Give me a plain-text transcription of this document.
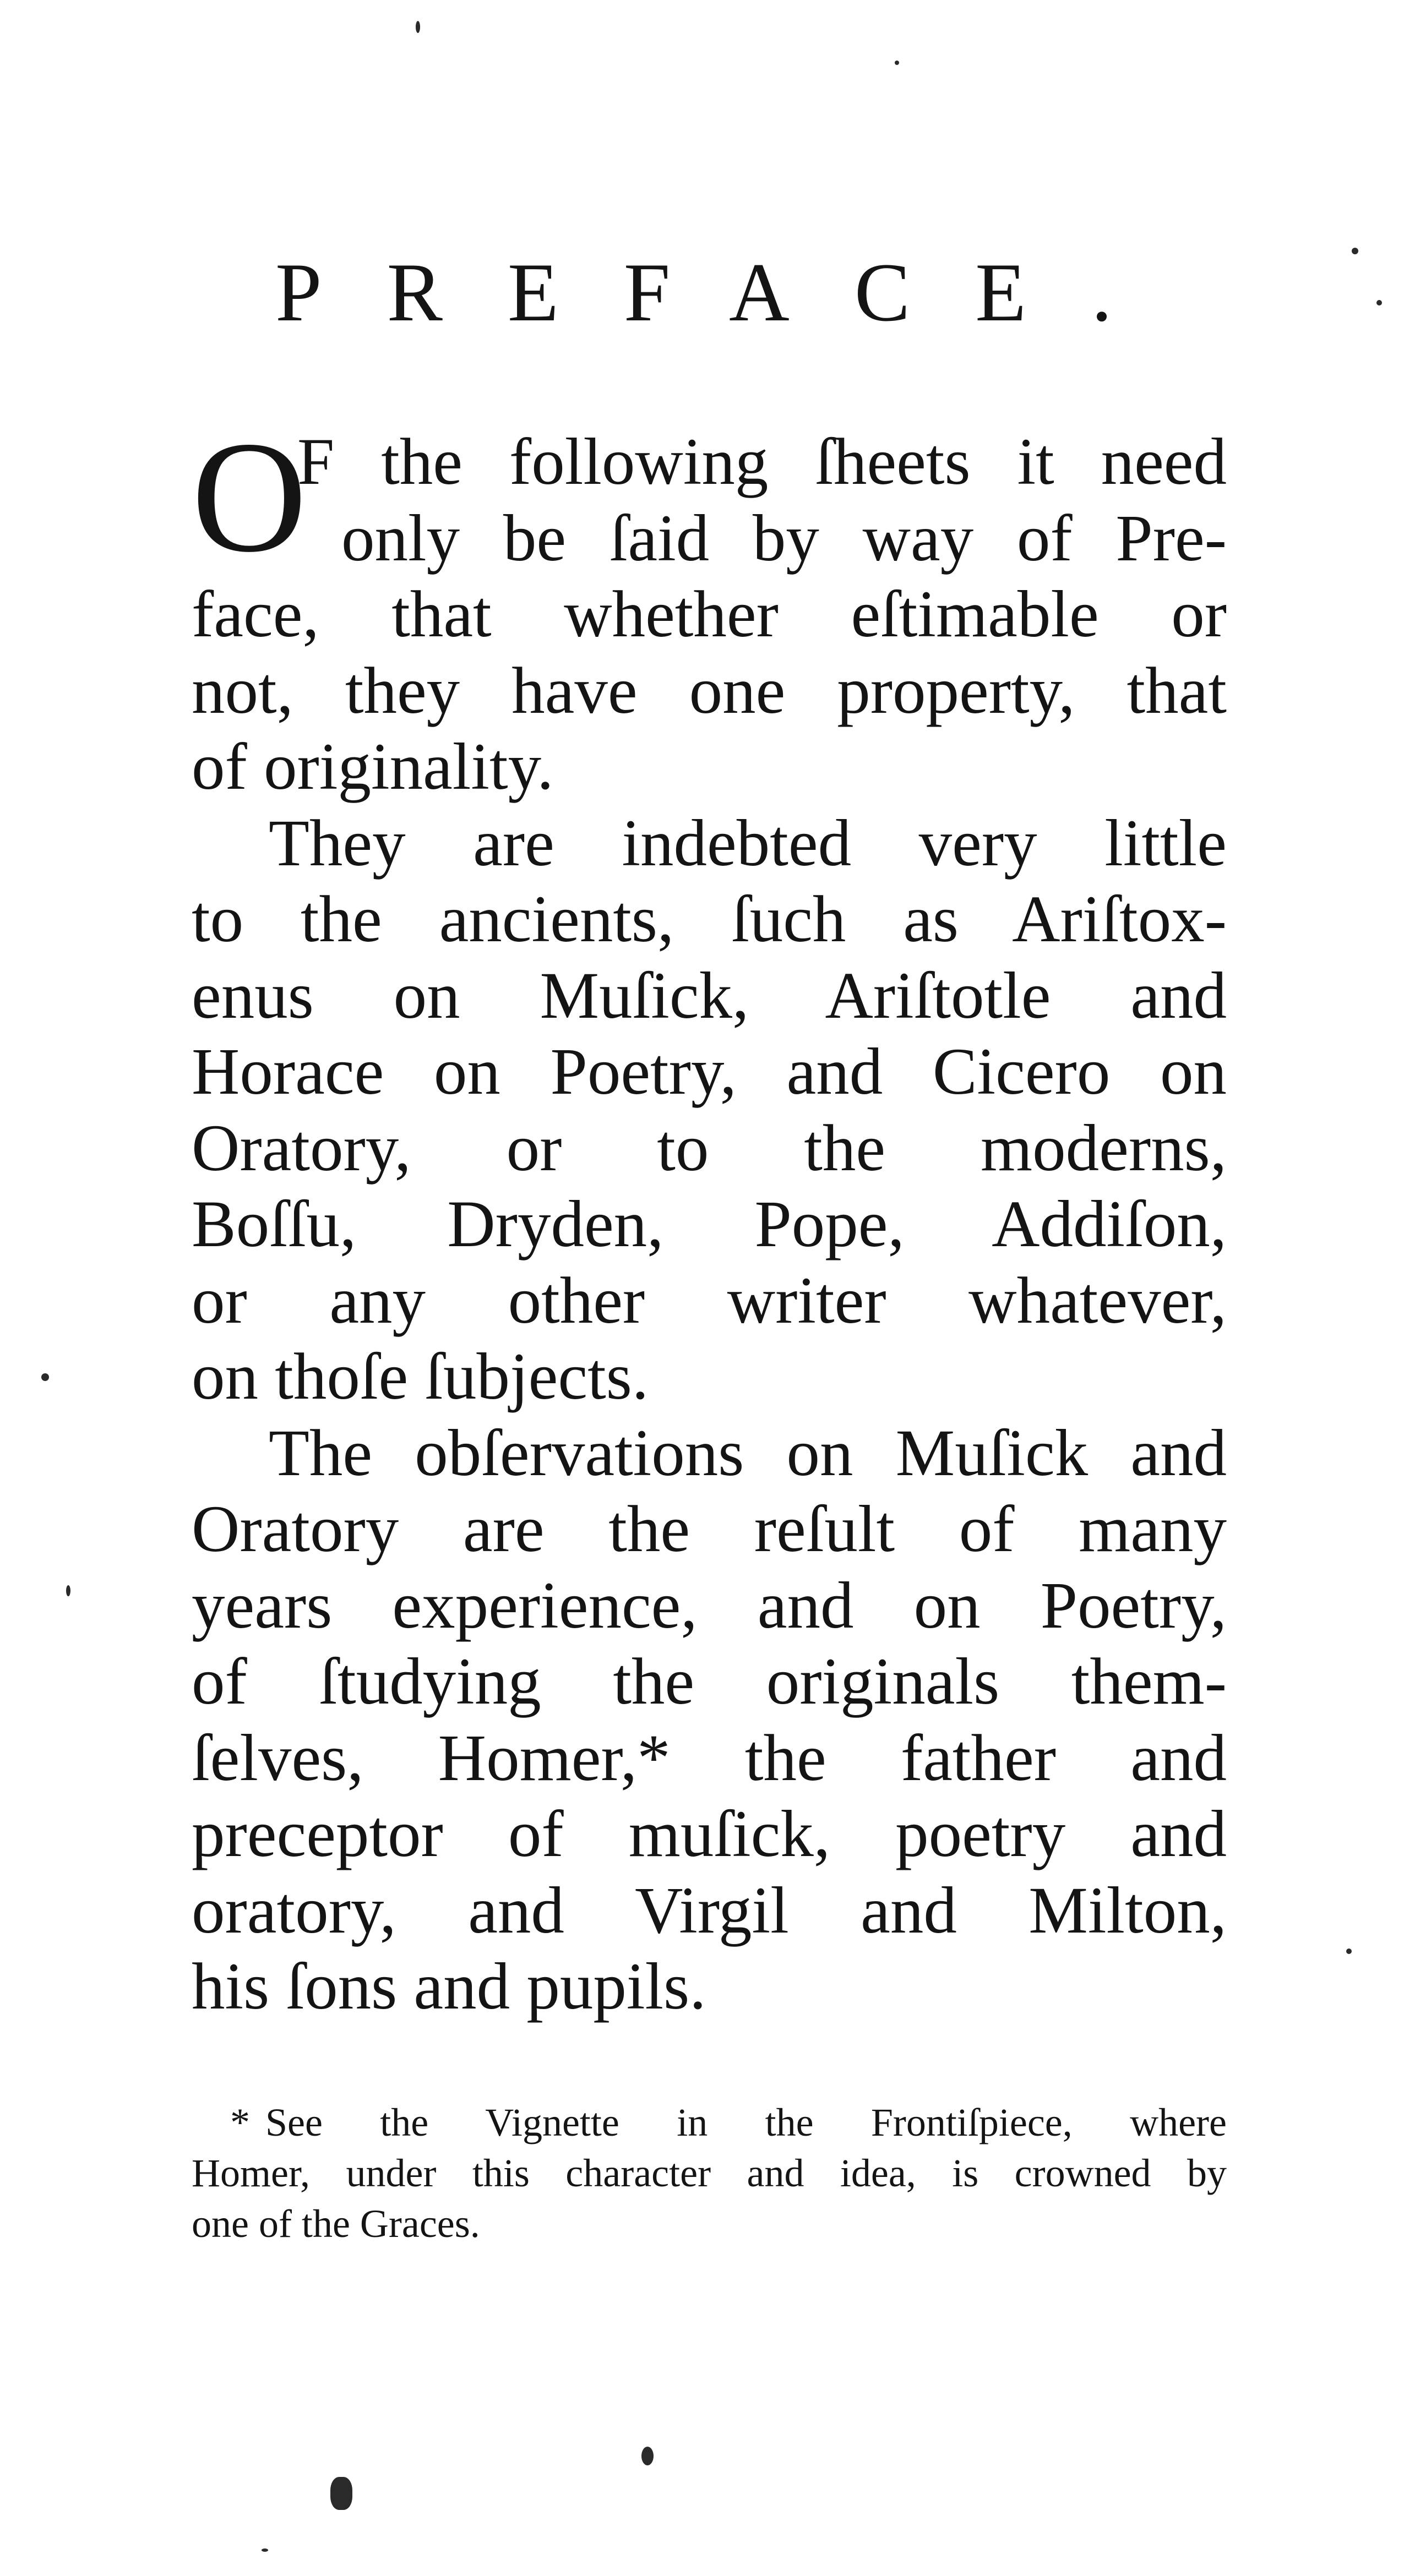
PREFACE.
O
F the following ſheets it need
only be ſaid by way of Pre-
face, that whether eſtimable or
not, they have one property, that
of originality.
They are indebted very little
to the ancients, ſuch as Ariſtox-
enus on Muſick, Ariſtotle and
Horace on Poetry, and Cicero on
Oratory, or to the moderns,
Boſſu, Dryden, Pope, Addiſon,
or any other writer whatever,
on thoſe ſubjects.
The obſervations on Muſick and
Oratory are the reſult of many
years experience, and on Poetry,
of ſtudying the originals them-
ſelves, Homer,* the father and
preceptor of muſick, poetry and
oratory, and Virgil and Milton,
his ſons and pupils.
* See the Vignette in the Frontiſpiece, where
Homer, under this character and idea, is crowned by
one of the Graces.
